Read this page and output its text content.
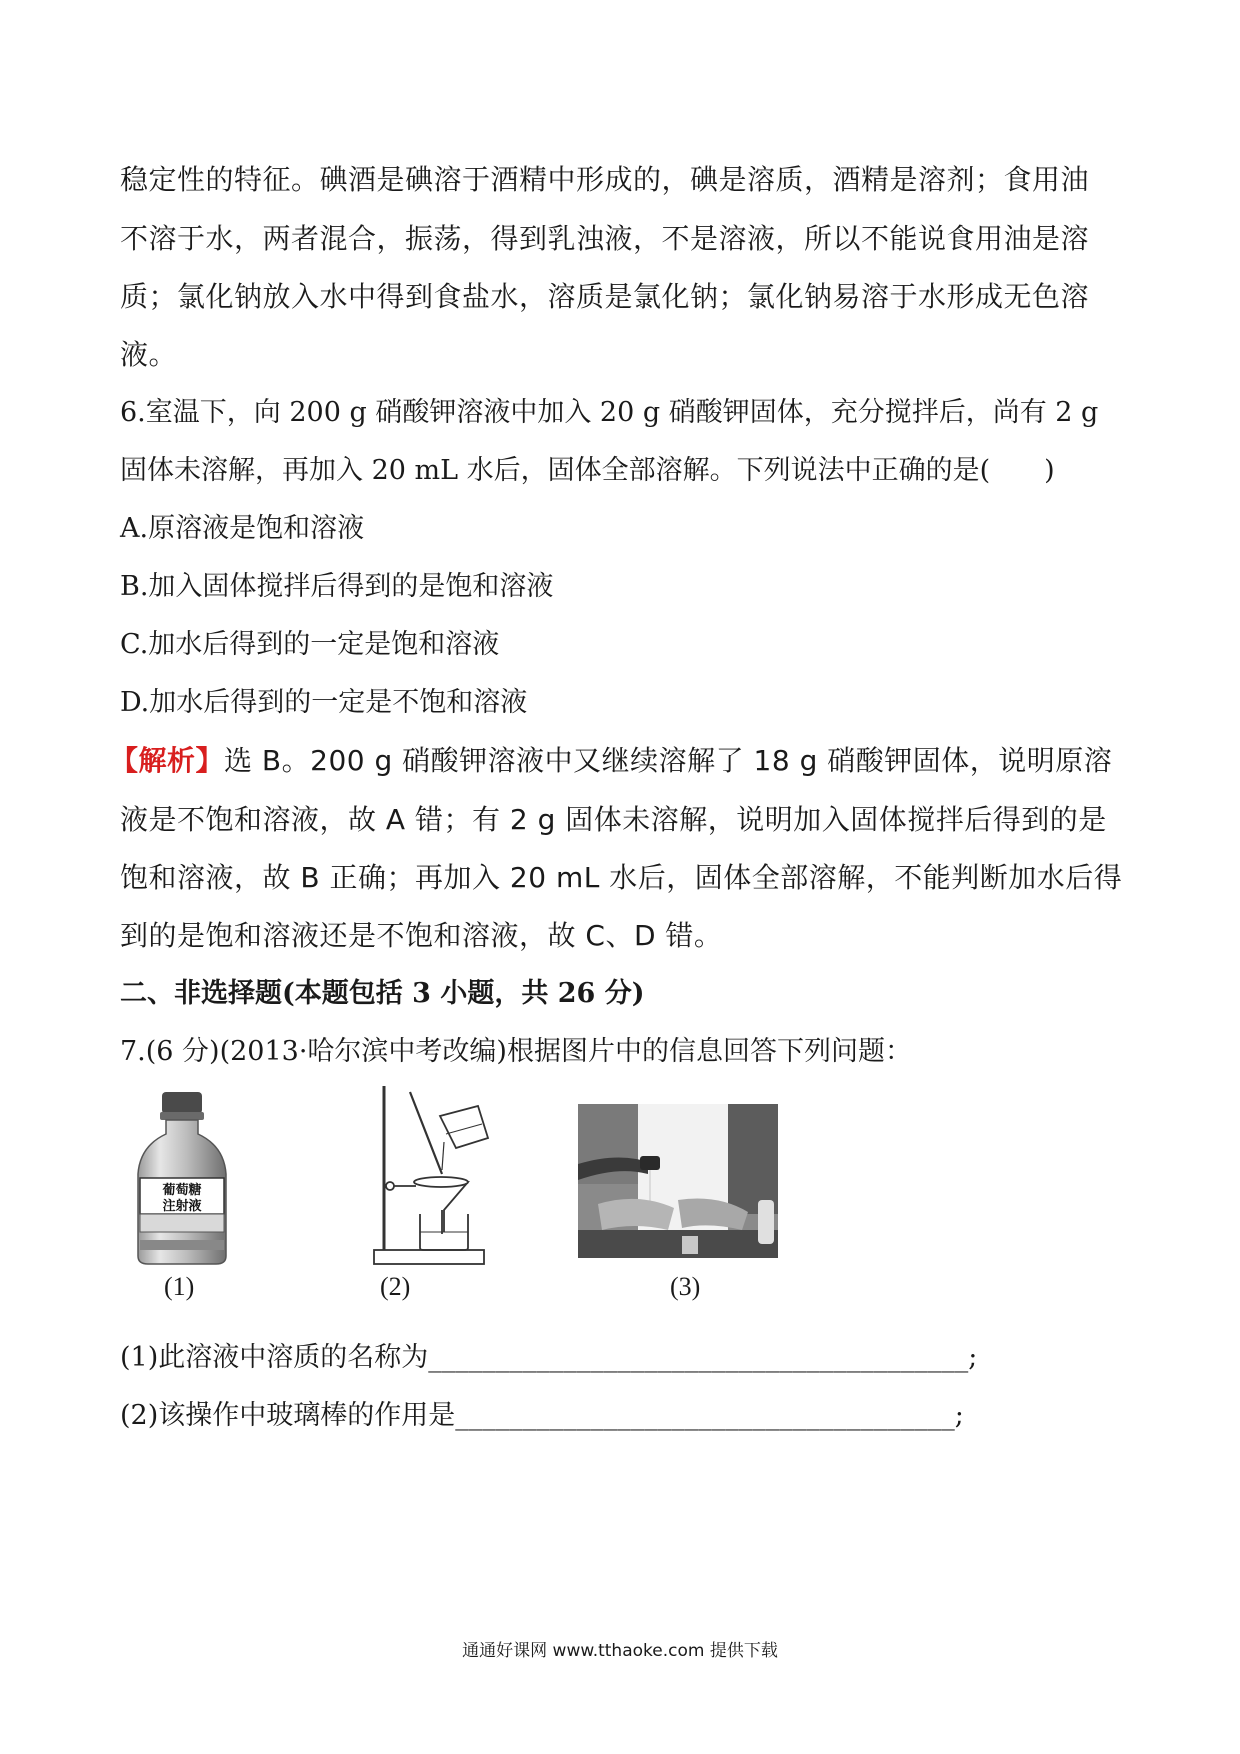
稳定性的特征。碘酒是碘溶于酒精中形成的，碘是溶质，酒精是溶剂；食用油
不溶于水，两者混合，振荡，得到乳浊液，不是溶液，所以不能说食用油是溶
质；氯化钠放入水中得到食盐水，溶质是氯化钠；氯化钠易溶于水形成无色溶
液。
6.室温下，向 200 g 硝酸钾溶液中加入 20 g 硝酸钾固体，充分搅拌后，尚有 2 g
固体未溶解，再加入 20 mL 水后，固体全部溶解。下列说法中正确的是(　　)
A.原溶液是饱和溶液
B.加入固体搅拌后得到的是饱和溶液
C.加水后得到的一定是饱和溶液
D.加水后得到的一定是不饱和溶液
【解析】选 B。200 g 硝酸钾溶液中又继续溶解了 18 g 硝酸钾固体，说明原溶
液是不饱和溶液，故 A 错；有 2 g 固体未溶解，说明加入固体搅拌后得到的是
饱和溶液，故 B 正确；再加入 20 mL 水后，固体全部溶解，不能判断加水后得
到的是饱和溶液还是不饱和溶液，故 C、D 错。
二、非选择题(本题包括 3 小题，共 26 分)
7.(6 分)(2013·哈尔滨中考改编)根据图片中的信息回答下列问题：
葡萄糖
注射液
(1)	(2)	(3)
(1)此溶液中溶质的名称为________________________________________;
(2)该操作中玻璃棒的作用是_____________________________________;
通通好课网 www.tthaoke.com 提供下载
